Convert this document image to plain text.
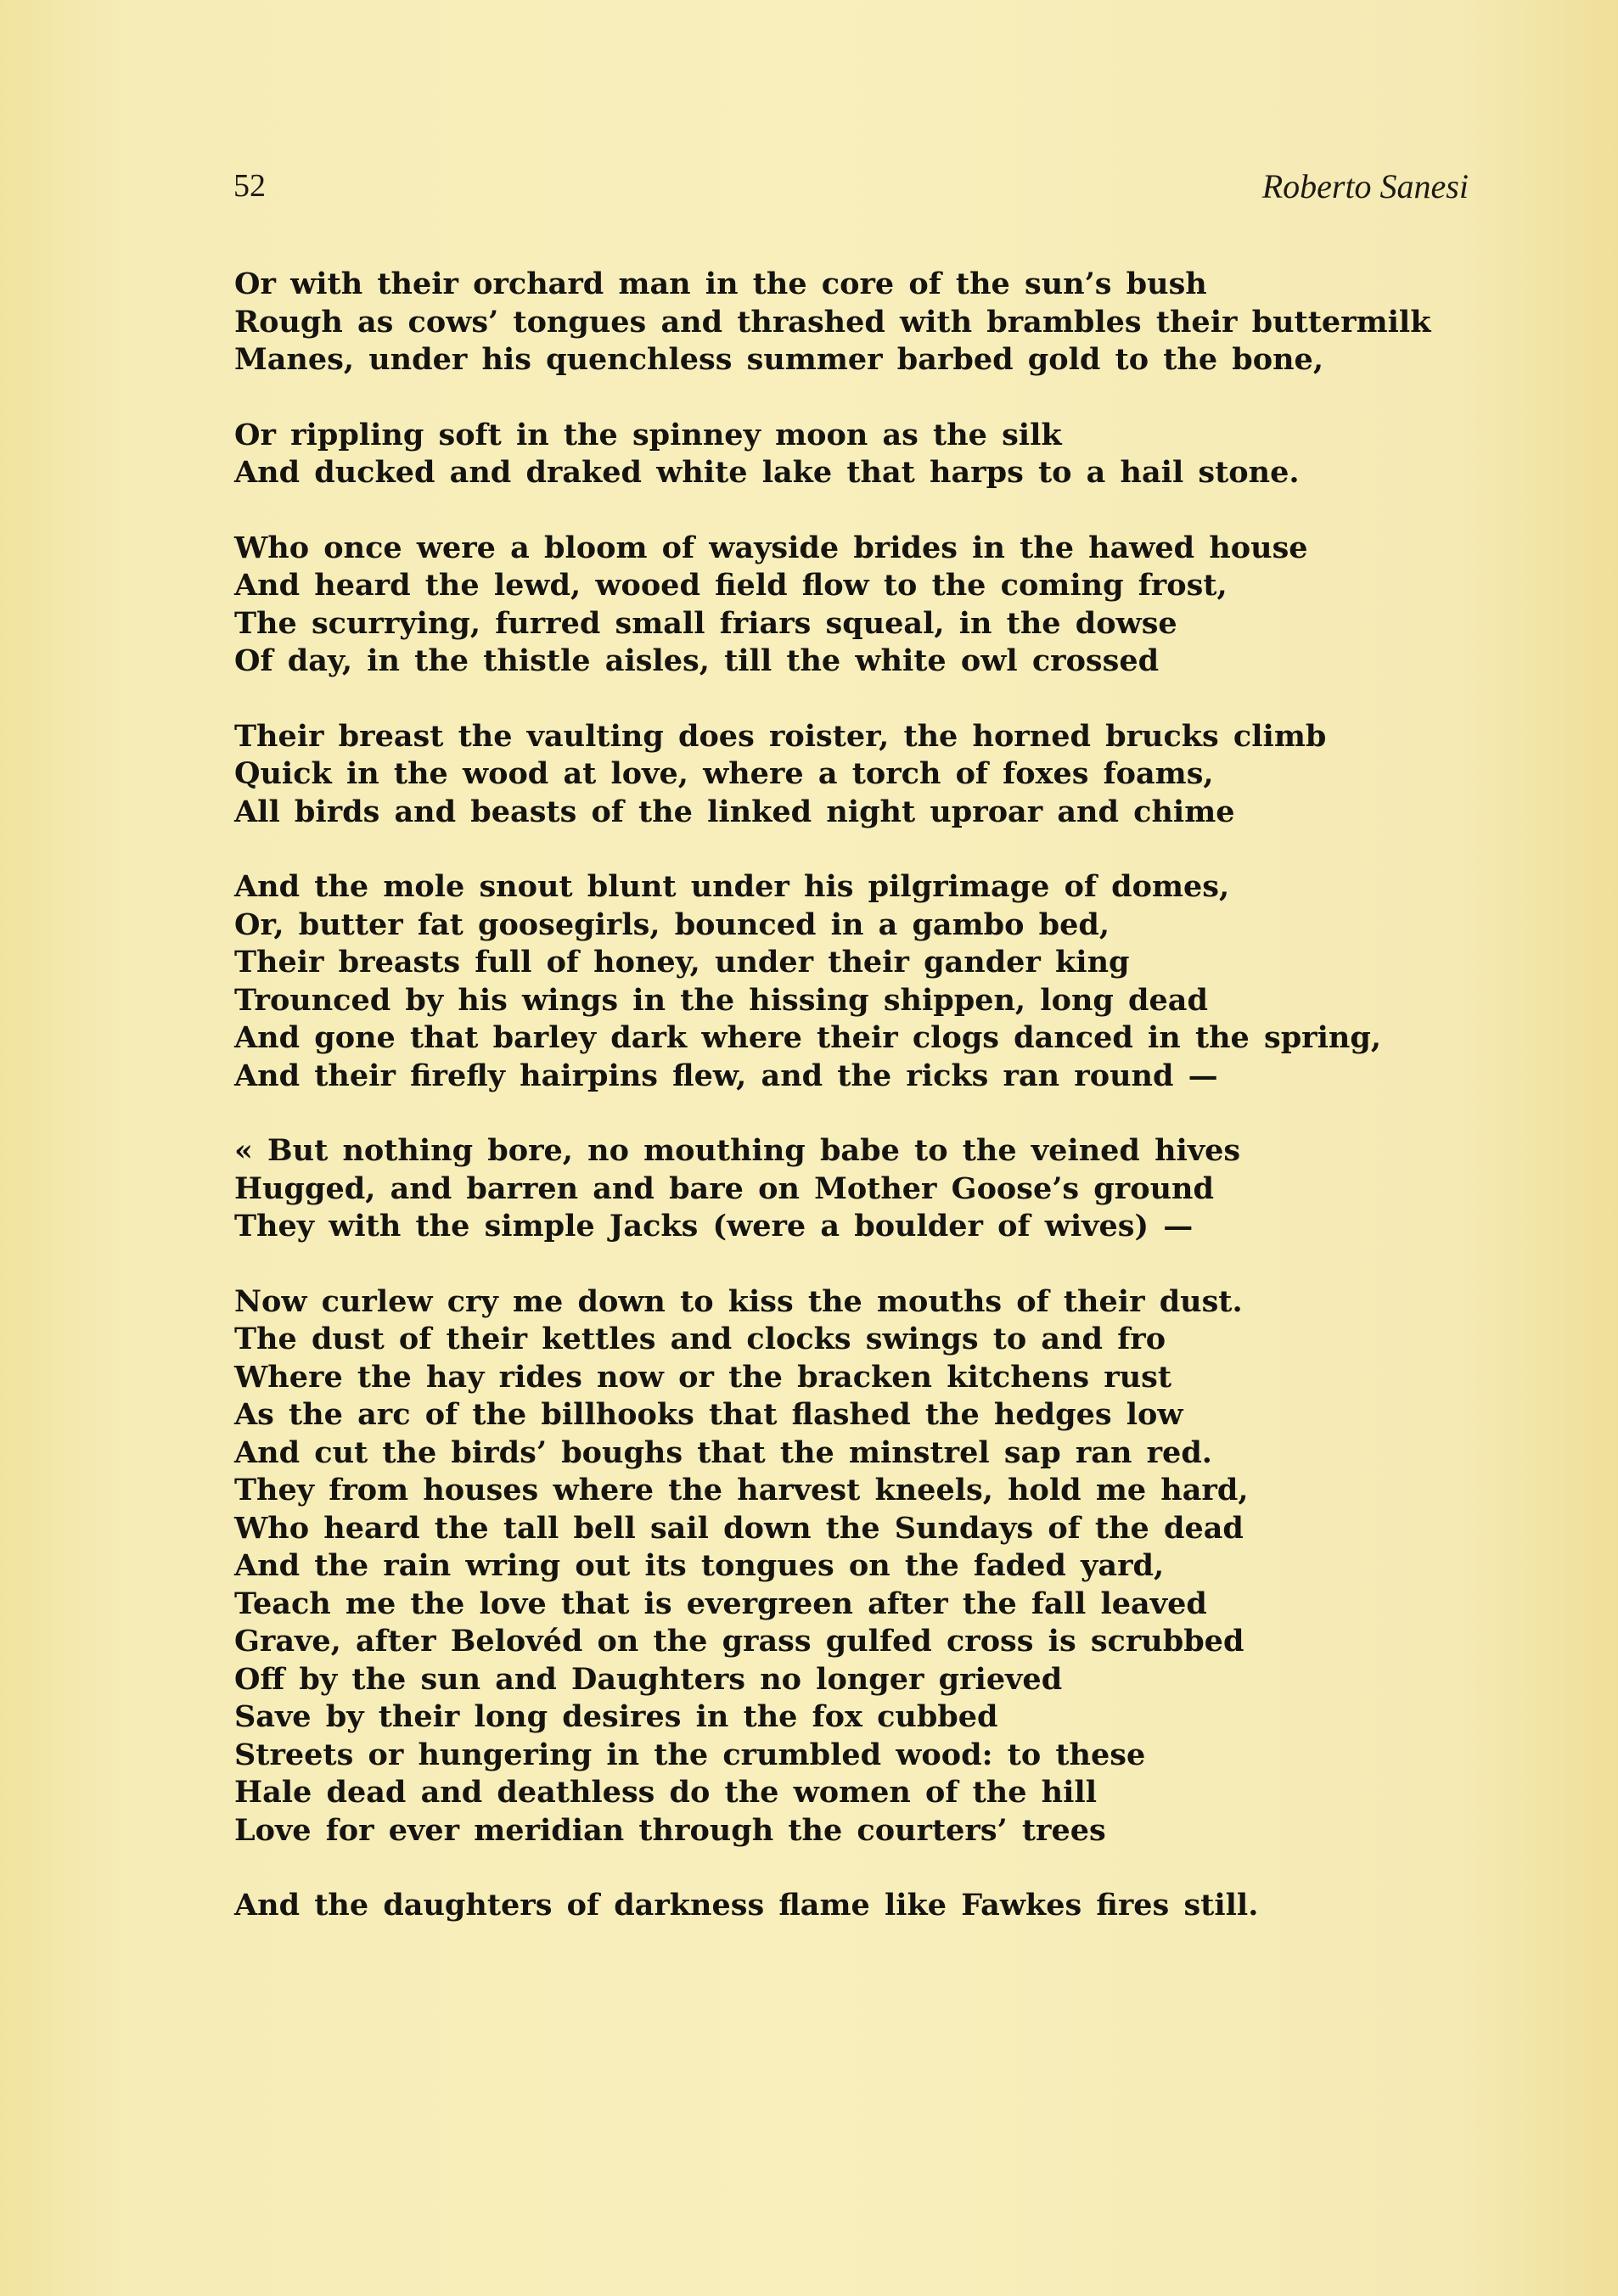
52	Roberto Sanesi
Or with their orchard man in the core of the sun’s bush
Rough as cows’ tongues and thrashed with brambles their buttermilk
Manes, under his quenchless summer barbed gold to the bone,
Or rippling soft in the spinney moon as the silk
And ducked and draked white lake that harps to a hail stone.
Who once were a bloom of wayside brides in the hawed house
And heard the lewd, wooed field flow to the coming frost,
The scurrying, furred small friars squeal, in the dowse
Of day, in the thistle aisles, till the white owl crossed
Their breast the vaulting does roister, the horned brucks climb
Quick in the wood at love, where a torch of foxes foams,
All birds and beasts of the linked night uproar and chime
And the mole snout blunt under his pilgrimage of domes,
Or, butter fat goosegirls, bounced in a gambo bed,
Their breasts full of honey, under their gander king
Trounced by his wings in the hissing shippen, long dead
And gone that barley dark where their clogs danced in the spring,
And their firefly hairpins flew, and the ricks ran round —
« But nothing bore, no mouthing babe to the veined hives
Hugged, and barren and bare on Mother Goose’s ground
They with the simple Jacks (were a boulder of wives) —
Now curlew cry me down to kiss the mouths of their dust.
The dust of their kettles and clocks swings to and fro
Where the hay rides now or the bracken kitchens rust
As the arc of the billhooks that flashed the hedges low
And cut the birds’ boughs that the minstrel sap ran red.
They from houses where the harvest kneels, hold me hard,
Who heard the tall bell sail down the Sundays of the dead
And the rain wring out its tongues on the faded yard,
Teach me the love that is evergreen after the fall leaved
Grave, after Belovéd on the grass gulfed cross is scrubbed
Off by the sun and Daughters no longer grieved
Save by their long desires in the fox cubbed
Streets or hungering in the crumbled wood: to these
Hale dead and deathless do the women of the hill
Love for ever meridian through the courters’ trees
And the daughters of darkness flame like Fawkes fires still.
